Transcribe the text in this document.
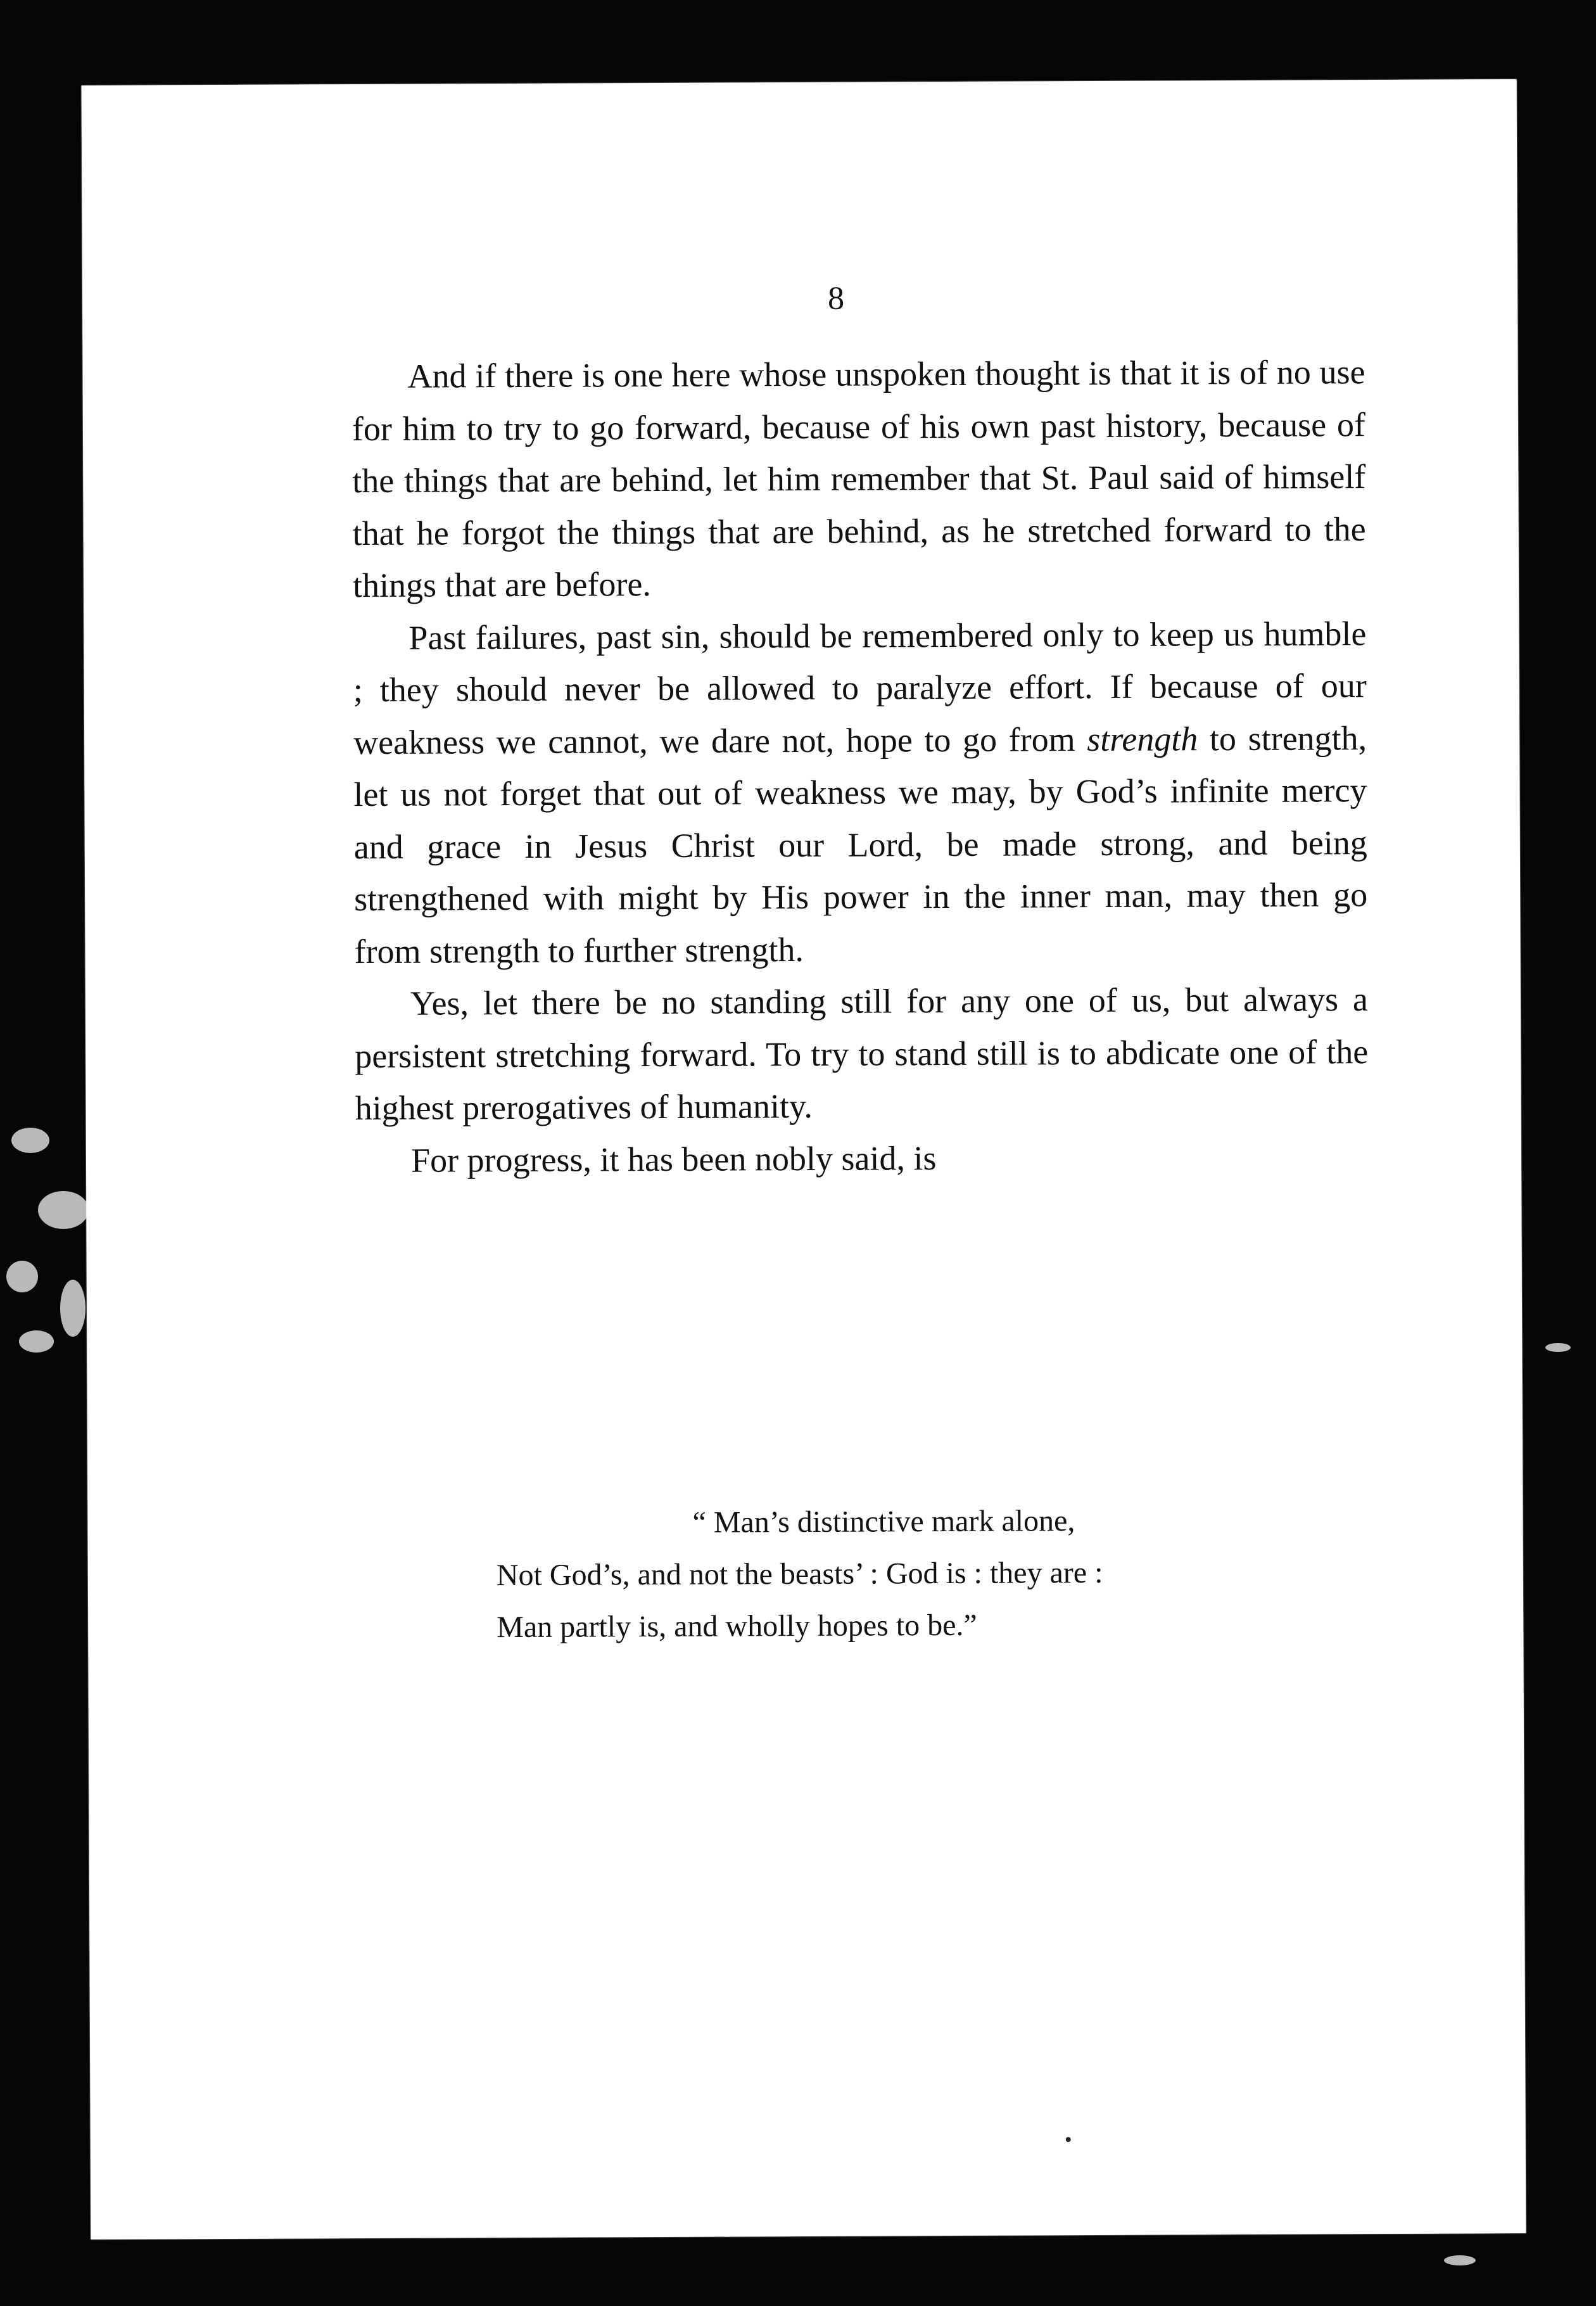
8

And if there is one here whose unspoken thought is that it is of no use for him to try to go forward, because of his own past history, because of the things that are behind, let him remember that St. Paul said of himself that he forgot the things that are behind, as he stretched forward to the things that are before.

Past failures, past sin, should be remembered only to keep us humble ; they should never be allowed to paralyze effort. If because of our weakness we cannot, we dare not, hope to go from strength to strength, let us not forget that out of weakness we may, by God’s infinite mercy and grace in Jesus Christ our Lord, be made strong, and being strengthened with might by His power in the inner man, may then go from strength to further strength.

Yes, let there be no standing still for any one of us, but always a persistent stretching forward. To try to stand still is to abdicate one of the highest prerogatives of humanity.

For progress, it has been nobly said, is

“ Man’s distinctive mark alone,
Not God’s, and not the beasts’ : God is : they are :
Man partly is, and wholly hopes to be.”
